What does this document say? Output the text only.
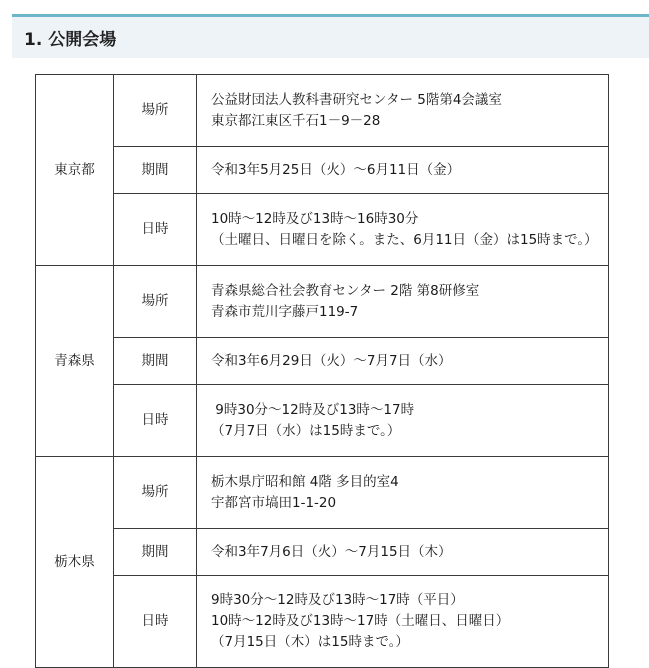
1. 公開会場
東京都	場所	公益財団法人教科書研究センター 5階第4会議室
東京都江東区千石1－9－28

	期間	令和3年5月25日（火）～6月11日（金）

	日時	10時～12時及び13時～16時30分
（土曜日、日曜日を除く。また、6月11日（金）は15時まで。）

青森県	場所	青森県総合社会教育センター 2階 第8研修室
青森市荒川字藤戸119-7

	期間	令和3年6月29日（火）～7月7日（水）

	日時	9時30分～12時及び13時～17時
（7月7日（水）は15時まで。）

栃木県	場所	栃木県庁昭和館 4階 多目的室4
宇都宮市塙田1-1-20

	期間	令和3年7月6日（火）～7月15日（木）

	日時	9時30分～12時及び13時～17時（平日）
10時～12時及び13時～17時（土曜日、日曜日）
（7月15日（木）は15時まで。）
